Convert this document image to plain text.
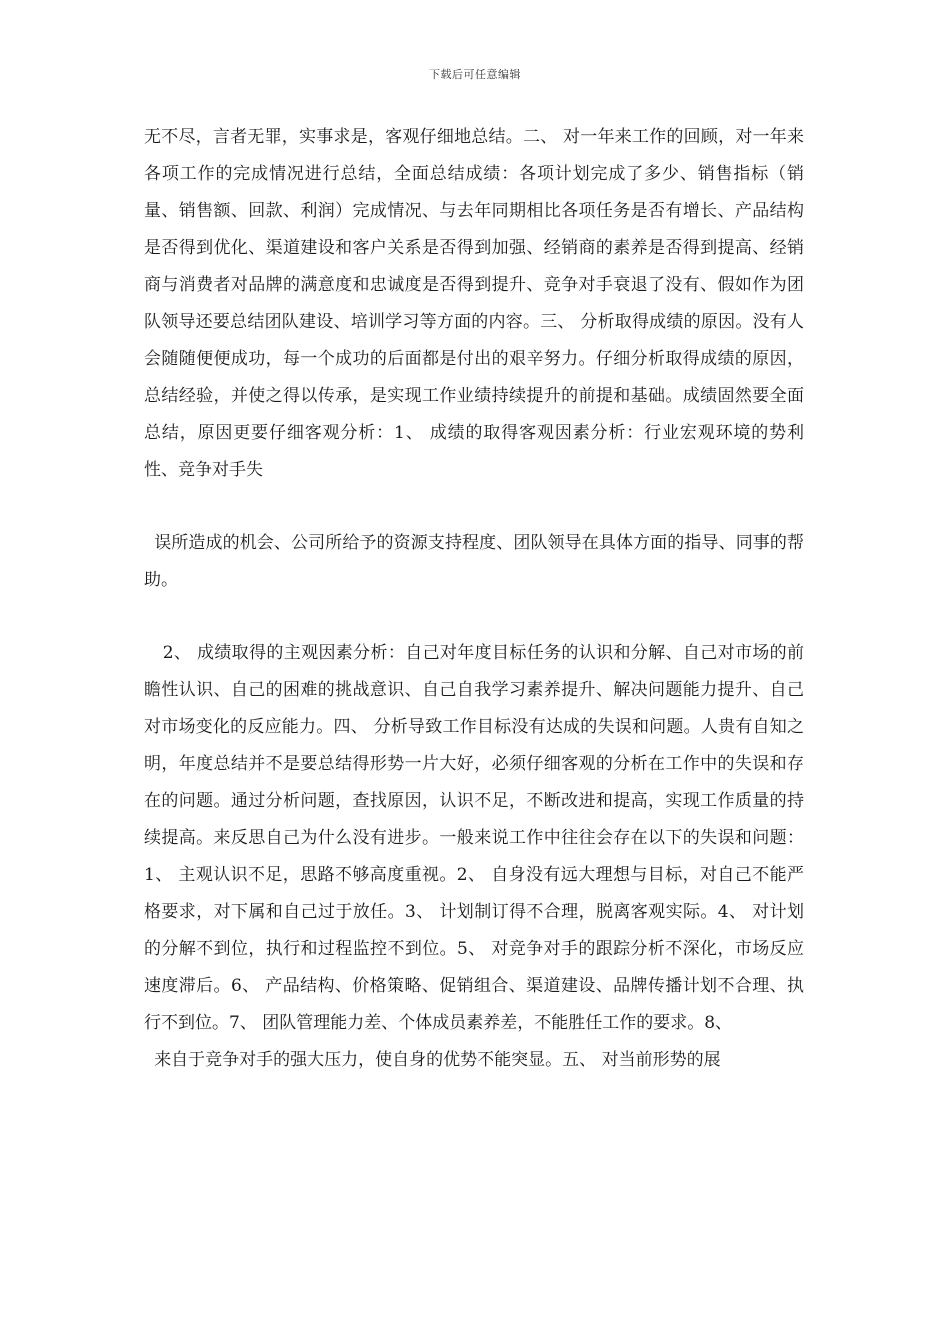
下载后可任意编辑

无不尽，言者无罪，实事求是，客观仔细地总结。二、 对一年来工作的回顾，对一年来各项工作的完成情况进行总结，全面总结成绩：各项计划完成了多少、销售指标（销量、销售额、回款、利润）完成情况、与去年同期相比各项任务是否有增长、产品结构是否得到优化、渠道建设和客户关系是否得到加强、经销商的素养是否得到提高、经销商与消费者对品牌的满意度和忠诚度是否得到提升、竞争对手衰退了没有、假如作为团队领导还要总结团队建设、培训学习等方面的内容。三、 分析取得成绩的原因。没有人会随随便便成功，每一个成功的后面都是付出的艰辛努力。仔细分析取得成绩的原因，总结经验，并使之得以传承，是实现工作业绩持续提升的前提和基础。成绩固然要全面总结，原因更要仔细客观分析：1、 成绩的取得客观因素分析：行业宏观环境的势利性、竞争对手失

误所造成的机会、公司所给予的资源支持程度、团队领导在具体方面的指导、同事的帮助。

2、 成绩取得的主观因素分析：自己对年度目标任务的认识和分解、自己对市场的前瞻性认识、自己的困难的挑战意识、自己自我学习素养提升、解决问题能力提升、自己对市场变化的反应能力。四、 分析导致工作目标没有达成的失误和问题。人贵有自知之明，年度总结并不是要总结得形势一片大好，必须仔细客观的分析在工作中的失误和存在的问题。通过分析问题，查找原因，认识不足，不断改进和提高，实现工作质量的持续提高。来反思自己为什么没有进步。一般来说工作中往往会存在以下的失误和问题：1、 主观认识不足，思路不够高度重视。2、 自身没有远大理想与目标，对自己不能严格要求，对下属和自己过于放任。3、 计划制订得不合理，脱离客观实际。4、 对计划的分解不到位，执行和过程监控不到位。5、 对竞争对手的跟踪分析不深化，市场反应速度滞后。6、 产品结构、价格策略、促销组合、渠道建设、品牌传播计划不合理、执行不到位。7、 团队管理能力差、个体成员素养差，不能胜任工作的要求。8、

来自于竞争对手的强大压力，使自身的优势不能突显。五、 对当前形势的展
